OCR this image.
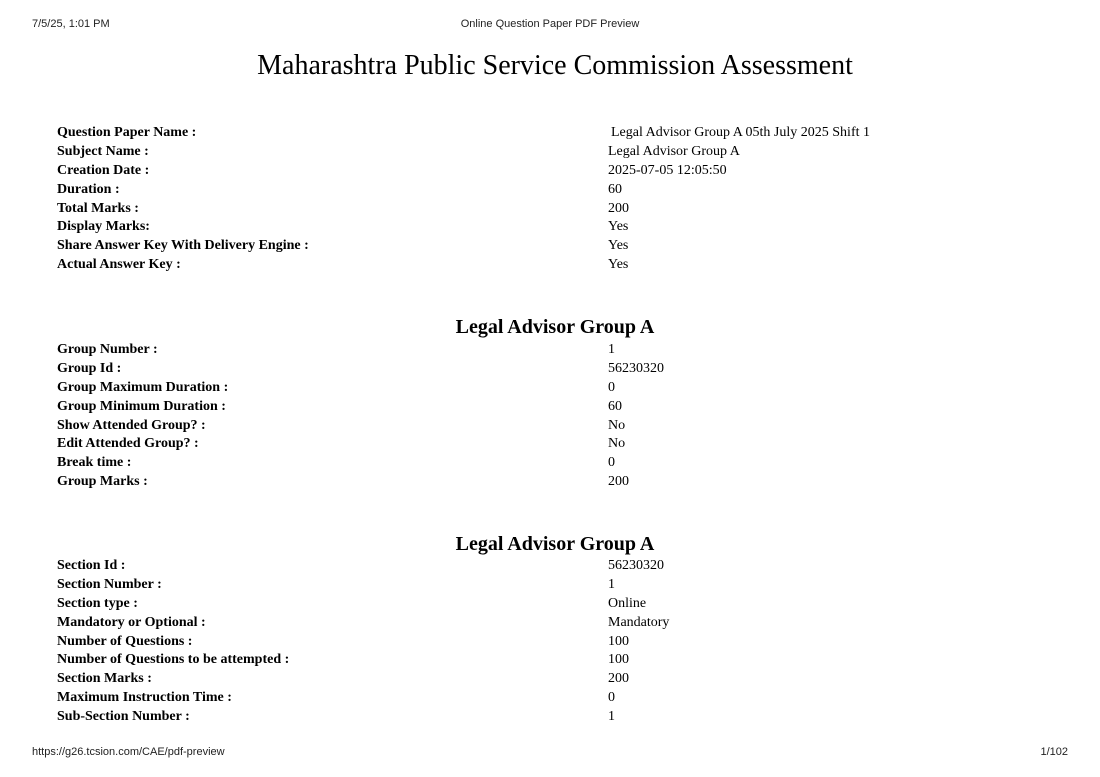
7/5/25, 1:01 PM	Online Question Paper PDF Preview
Maharashtra Public Service Commission Assessment
Question Paper Name :	Legal Advisor Group A 05th July 2025 Shift 1
Subject Name :	Legal Advisor Group A
Creation Date :	2025-07-05 12:05:50
Duration :	60
Total Marks :	200
Display Marks:	Yes
Share Answer Key With Delivery Engine :	Yes
Actual Answer Key :	Yes
Legal Advisor Group A
Group Number :	1
Group Id :	56230320
Group Maximum Duration :	0
Group Minimum Duration :	60
Show Attended Group? :	No
Edit Attended Group? :	No
Break time :	0
Group Marks :	200
Legal Advisor Group A
Section Id :	56230320
Section Number :	1
Section type :	Online
Mandatory or Optional :	Mandatory
Number of Questions :	100
Number of Questions to be attempted :	100
Section Marks :	200
Maximum Instruction Time :	0
Sub-Section Number :	1
https://g26.tcsion.com/CAE/pdf-preview	1/102
